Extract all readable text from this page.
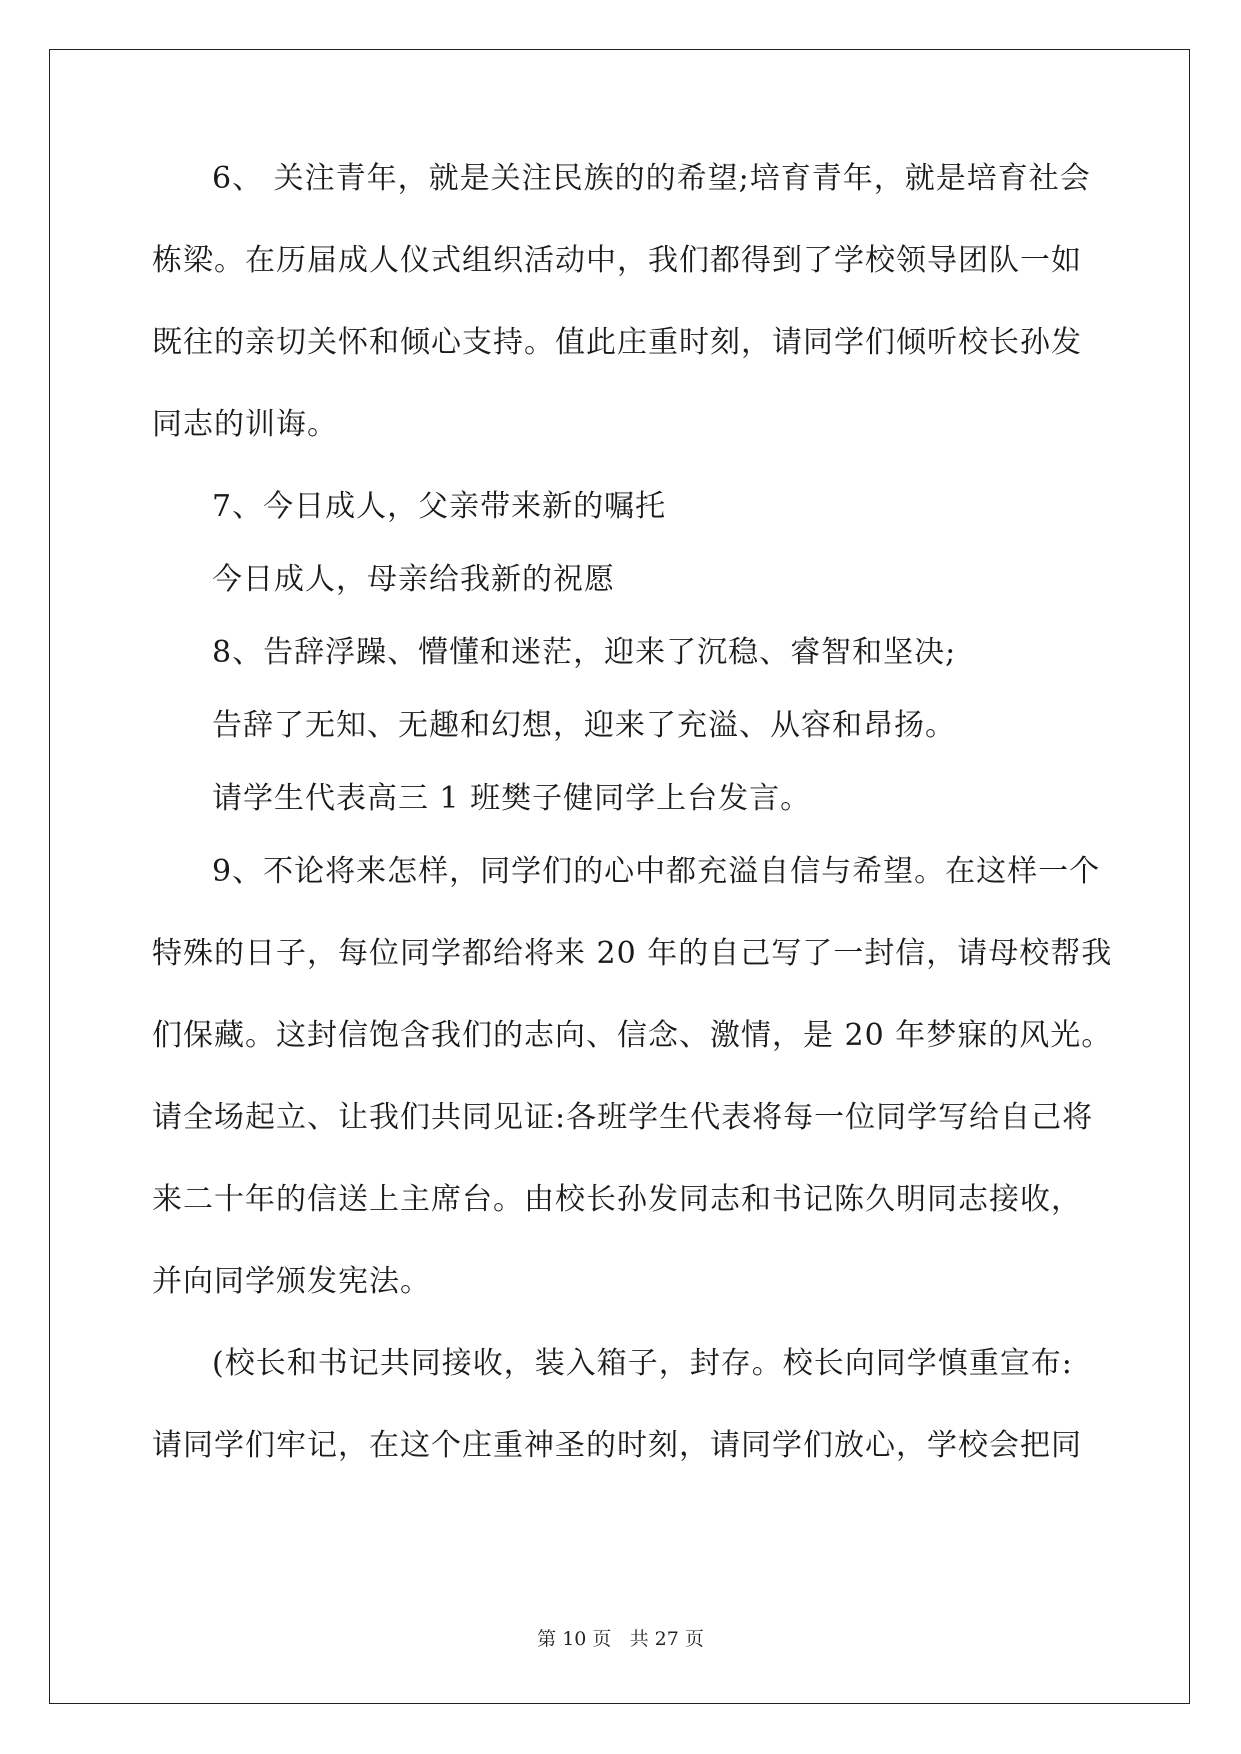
6、 关注青年，就是关注民族的的希望;培育青年，就是培育社会
栋梁。在历届成人仪式组织活动中，我们都得到了学校领导团队一如
既往的亲切关怀和倾心支持。值此庄重时刻，请同学们倾听校长孙发
同志的训诲。
7、今日成人，父亲带来新的嘱托
今日成人，母亲给我新的祝愿
8、告辞浮躁、懵懂和迷茫，迎来了沉稳、睿智和坚决;
告辞了无知、无趣和幻想，迎来了充溢、从容和昂扬。
请学生代表高三 1 班樊子健同学上台发言。
9、不论将来怎样，同学们的心中都充溢自信与希望。在这样一个
特殊的日子，每位同学都给将来 20 年的自己写了一封信，请母校帮我
们保藏。这封信饱含我们的志向、信念、激情，是 20 年梦寐的风光。
请全场起立、让我们共同见证:各班学生代表将每一位同学写给自己将
来二十年的信送上主席台。由校长孙发同志和书记陈久明同志接收，
并向同学颁发宪法。
(校长和书记共同接收，装入箱子，封存。校长向同学慎重宣布:
请同学们牢记，在这个庄重神圣的时刻，请同学们放心，学校会把同
第 10 页 共 27 页
